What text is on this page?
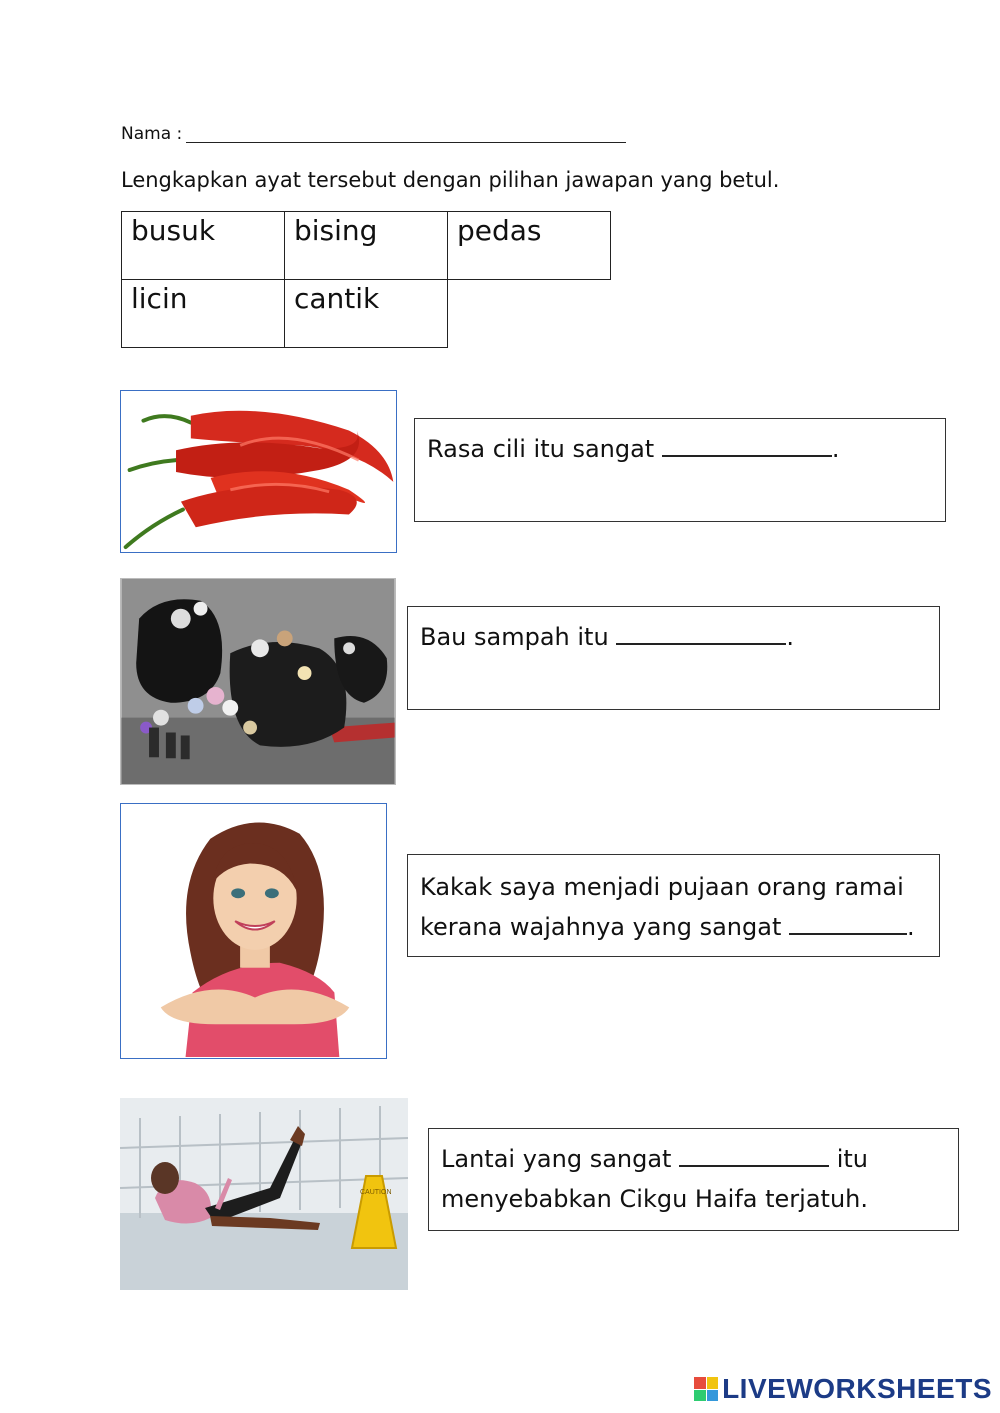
Nama :
Lengkapkan ayat tersebut dengan pilihan jawapan yang betul.
busuk	bising	pedas
licin	cantik	
Rasa cili itu sangat	.
Bau sampah itu	.
Kakak saya menjadi pujaan orang ramai
kerana wajahnya yang sangat	.
CAUTION
Lantai yang sangat	itu
menyebabkan Cikgu Haifa terjatuh.
LIVEWORKSHEETS
